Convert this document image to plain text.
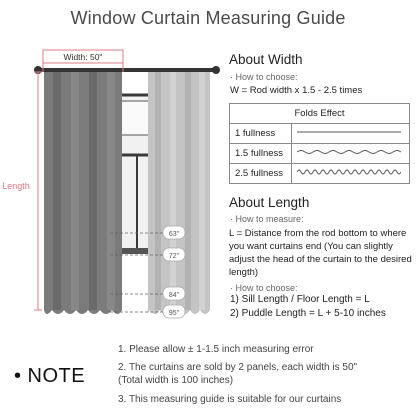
Window Curtain Measuring Guide
Width: 50"
Length
63"
72"
84"
95"
About Width
· How to choose:
W = Rod width x 1.5 - 2.5 times
Folds Effect	
1 fullness	
1.5 fullness	
2.5 fullness	
About Length
· How to measure:
L = Distance from the rod bottom to where you want curtains end (You can slightly adjust the head of the curtain to the desired length)
· How to choose:
1) Sill Length / Floor Length = L
2) Puddle Length = L + 5-10 inches
• NOTE
1. Please allow ± 1-1.5 inch measuring error
2. The curtains are sold by 2 panels, each width is 50"
(Total width is 100 inches)
3. This measuring guide is suitable for our curtains
